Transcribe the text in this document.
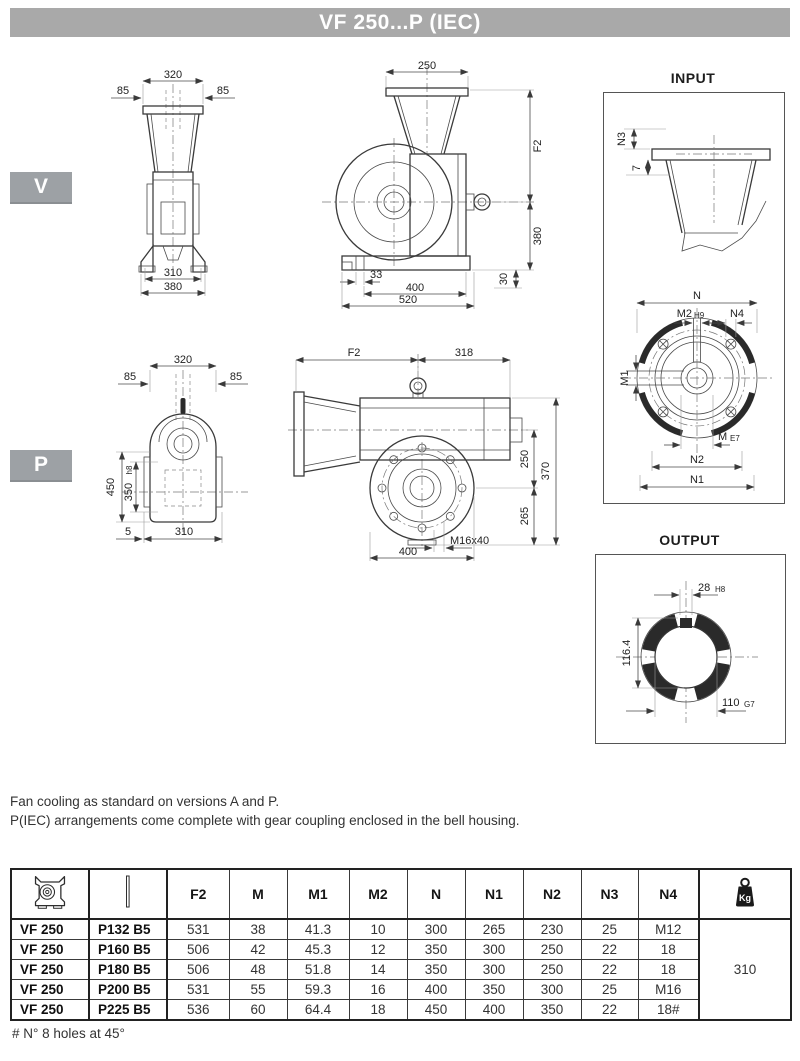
VF 250...P (IEC)
V
P
320
85	85
310
380
250
F2
380
30
33
400
520
INPUT
N3
7
N
M2 H9 N4
M1
M E7
N2
N1
320
85	85
450 350
h8
5	310
F2	318
250
265
370
M16x40
400
OUTPUT
28 H8
116.4
110 G7
Fan cooling as standard on versions A and P.
P(IEC) arrangements come complete with gear coupling enclosed in the bell housing.
		F2	M	M1	M2	N	N1	N2	N3	N4	Kg

VF 250	P132 B5	531	38	41.3	10	300	265	230	25	M12	310
VF 250	P160 B5	506	42	45.3	12	350	300	250	22	18	
VF 250	P180 B5	506	48	51.8	14	350	300	250	22	18	
VF 250	P200 B5	531	55	59.3	16	400	350	300	25	M16	
VF 250	P225 B5	536	60	64.4	18	450	400	350	22	18#	
# N° 8 holes at 45°
